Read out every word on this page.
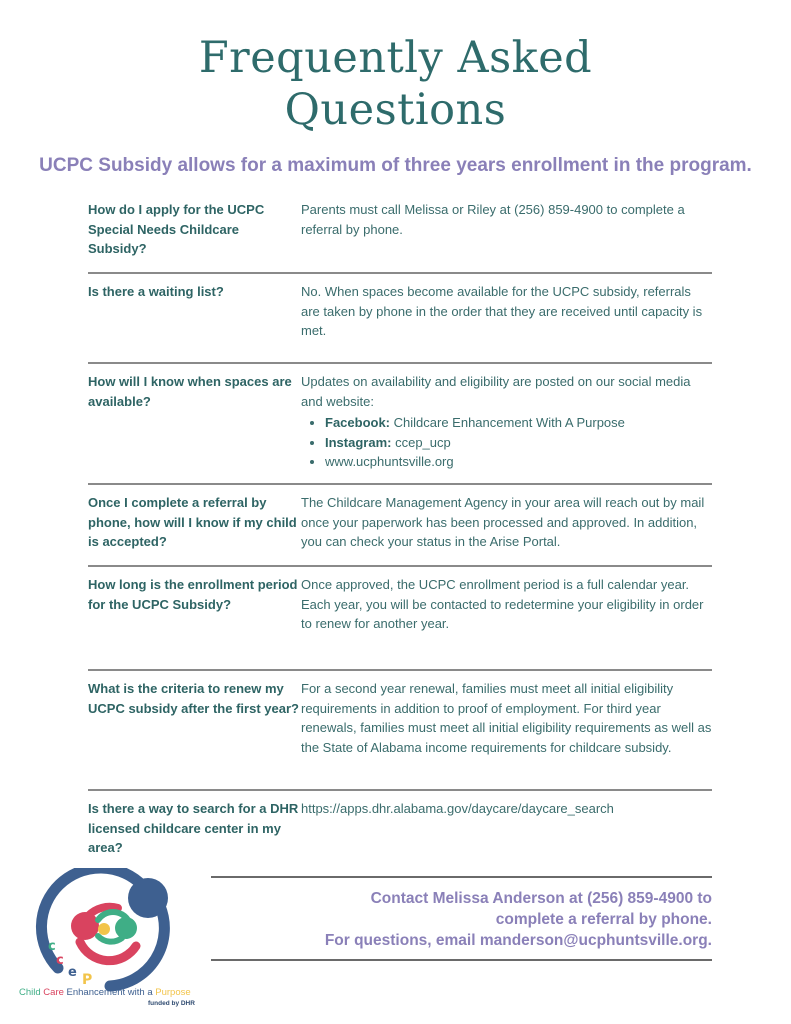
Frequently Asked
Questions
UCPC Subsidy allows for a maximum of three years enrollment in the program.
How do I apply for the UCPC Special Needs Childcare Subsidy?
Parents must call Melissa or Riley at (256) 859-4900 to complete a referral by phone.
Is there a waiting list?	No. When spaces become available for the UCPC subsidy, referrals are taken by phone in the order that they are received until capacity is met.
How will I know when spaces are available?
Updates on availability and eligibility are posted on our social media and website:
• Facebook: Childcare Enhancement With A Purpose
• Instagram: ccep_ucp
• www.ucphuntsville.org
Once I complete a referral by phone, how will I know if my child is accepted?
The Childcare Management Agency in your area will reach out by mail once your paperwork has been processed and approved. In addition, you can check your status in the Arise Portal.
How long is the enrollment period for the UCPC Subsidy?
Once approved, the UCPC enrollment period is a full calendar year. Each year, you will be contacted to redetermine your eligibility in order to renew for another year.
What is the criteria to renew my UCPC subsidy after the first year?
For a second year renewal, families must meet all initial eligibility requirements in addition to proof of employment. For third year renewals, families must meet all initial eligibility requirements as well as the State of Alabama income requirements for childcare subsidy.
Is there a way to search for a DHR licensed childcare center in my area?
https://apps.dhr.alabama.gov/daycare/daycare_search
Contact Melissa Anderson at (256) 859-4900 to
complete a referral by phone.
For questions, email manderson@ucphuntsville.org.
c
c
e P
Child Care Enhancement with a Purpose
funded by DHR
